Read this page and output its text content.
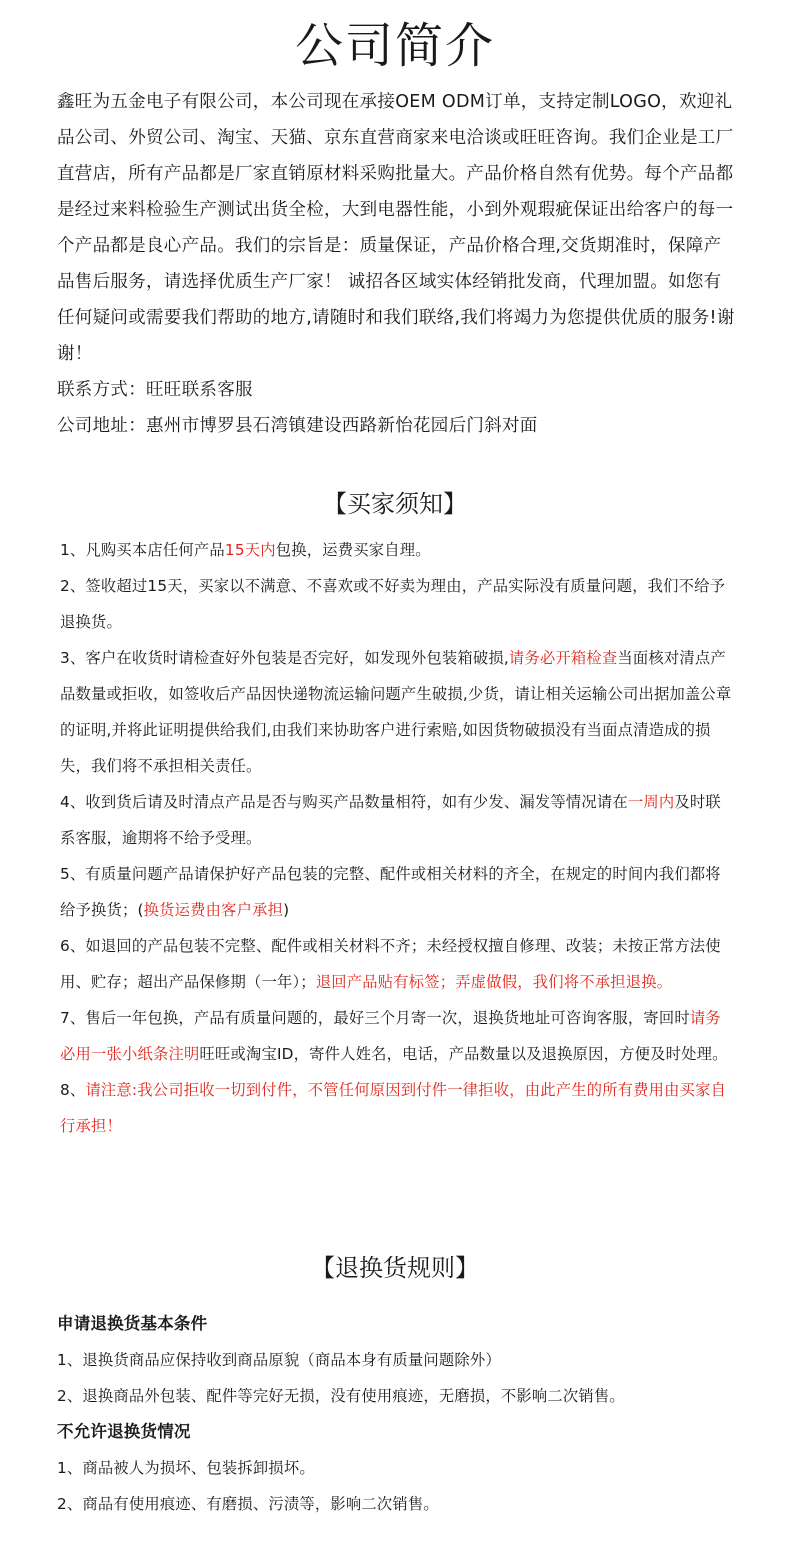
公司简介

鑫旺为五金电子有限公司，本公司现在承接OEM ODM订单，支持定制LOGO，欢迎礼品公司、外贸公司、淘宝、天猫、京东直营商家来电洽谈或旺旺咨询。我们企业是工厂直营店，所有产品都是厂家直销原材料采购批量大。产品价格自然有优势。每个产品都是经过来料检验生产测试出货全检，大到电器性能，小到外观瑕疵保证出给客户的每一个产品都是良心产品。我们的宗旨是：质量保证，产品价格合理,交货期准时，保障产品售后服务，请选择优质生产厂家！ 诚招各区域实体经销批发商，代理加盟。如您有任何疑问或需要我们帮助的地方,请随时和我们联络,我们将竭力为您提供优质的服务!谢谢！

联系方式：旺旺联系客服

公司地址：惠州市博罗县石湾镇建设西路新怡花园后门斜对面

【买家须知】

1、凡购买本店任何产品15天内包换，运费买家自理。

2、签收超过15天，买家以不满意、不喜欢或不好卖为理由，产品实际没有质量问题，我们不给予退换货。

3、客户在收货时请检查好外包装是否完好，如发现外包装箱破损,请务必开箱检查当面核对清点产品数量或拒收，如签收后产品因快递物流运输问题产生破损,少货，请让相关运输公司出据加盖公章的证明,并将此证明提供给我们,由我们来协助客户进行索赔,如因货物破损没有当面点清造成的损失，我们将不承担相关责任。

4、收到货后请及时清点产品是否与购买产品数量相符，如有少发、漏发等情况请在一周内及时联系客服，逾期将不给予受理。

5、有质量问题产品请保护好产品包装的完整、配件或相关材料的齐全，在规定的时间内我们都将给予换货；(换货运费由客户承担)

6、如退回的产品包装不完整、配件或相关材料不齐；未经授权擅自修理、改装；未按正常方法使用、贮存；超出产品保修期（一年）；退回产品贴有标签；弄虚做假，我们将不承担退换。

7、售后一年包换，产品有质量问题的，最好三个月寄一次，退换货地址可咨询客服，寄回时请务必用一张小纸条注明旺旺或淘宝ID，寄件人姓名，电话，产品数量以及退换原因，方便及时处理。

8、请注意:我公司拒收一切到付件，不管任何原因到付件一律拒收，由此产生的所有费用由买家自行承担！

【退换货规则】
申请退换货基本条件

1、退换货商品应保持收到商品原貌（商品本身有质量问题除外）

2、退换商品外包装、配件等完好无损，没有使用痕迹，无磨损，不影响二次销售。

不允许退换货情况

1、商品被人为损坏、包装拆卸损坏。

2、商品有使用痕迹、有磨损、污渍等，影响二次销售。
